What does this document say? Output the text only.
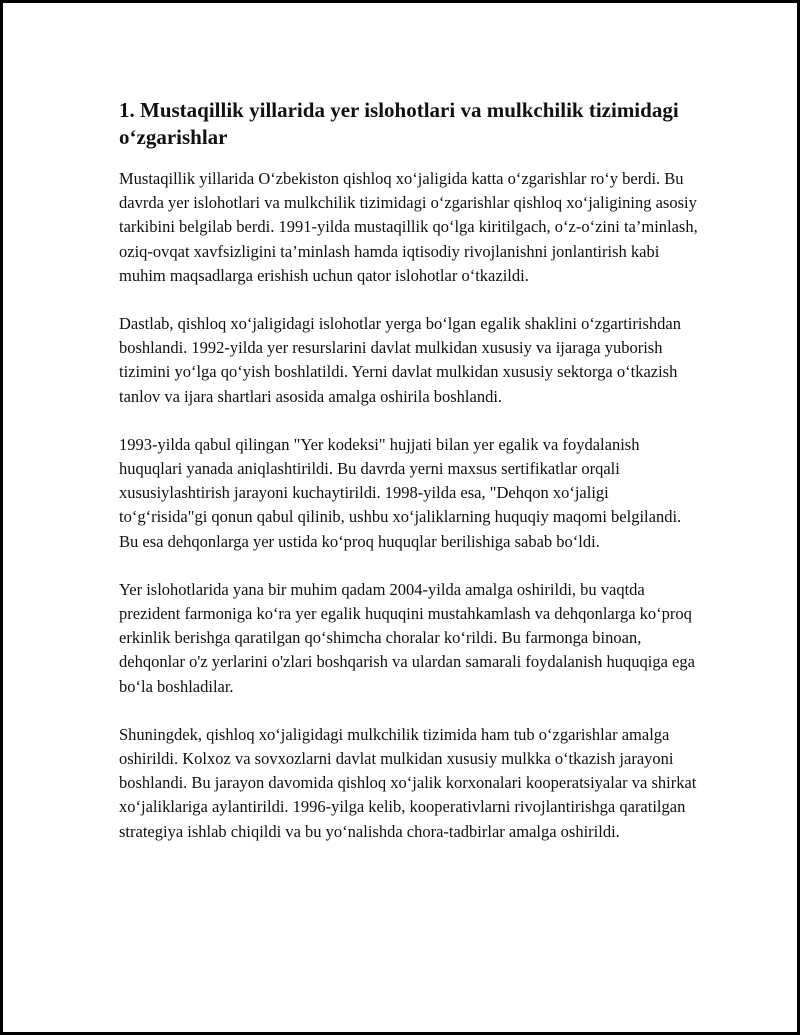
1. Mustaqillik yillarida yer islohotlari va mulkchilik tizimidagi o‘zgarishlar

Mustaqillik yillarida O‘zbekiston qishloq xo‘jaligida katta o‘zgarishlar ro‘y berdi. Bu davrda yer islohotlari va mulkchilik tizimidagi o‘zgarishlar qishloq xo‘jaligining asosiy tarkibini belgilab berdi. 1991-yilda mustaqillik qo‘lga kiritilgach, o‘z-o‘zini ta’minlash, oziq-ovqat xavfsizligini ta’minlash hamda iqtisodiy rivojlanishni jonlantirish kabi muhim maqsadlarga erishish uchun qator islohotlar o‘tkazildi.

Dastlab, qishloq xo‘jaligidagi islohotlar yerga bo‘lgan egalik shaklini o‘zgartirishdan boshlandi. 1992-yilda yer resurslarini davlat mulkidan xususiy va ijaraga yuborish tizimini yo‘lga qo‘yish boshlatildi. Yerni davlat mulkidan xususiy sektorga o‘tkazish tanlov va ijara shartlari asosida amalga oshirila boshlandi.

1993-yilda qabul qilingan "Yer kodeksi" hujjati bilan yer egalik va foydalanish huquqlari yanada aniqlashtirildi. Bu davrda yerni maxsus sertifikatlar orqali xususiylashtirish jarayoni kuchaytirildi. 1998-yilda esa, "Dehqon xo‘jaligi to‘g‘risida"gi qonun qabul qilinib, ushbu xo‘jaliklarning huquqiy maqomi belgilandi. Bu esa dehqonlarga yer ustida ko‘proq huquqlar berilishiga sabab bo‘ldi.

Yer islohotlarida yana bir muhim qadam 2004-yilda amalga oshirildi, bu vaqtda prezident farmoniga ko‘ra yer egalik huquqini mustahkamlash va dehqonlarga ko‘proq erkinlik berishga qaratilgan qo‘shimcha choralar ko‘rildi. Bu farmonga binoan, dehqonlar o'z yerlarini o'zlari boshqarish va ulardan samarali foydalanish huquqiga ega bo‘la boshladilar.

Shuningdek, qishloq xo‘jaligidagi mulkchilik tizimida ham tub o‘zgarishlar amalga oshirildi. Kolxoz va sovxozlarni davlat mulkidan xususiy mulkka o‘tkazish jarayoni boshlandi. Bu jarayon davomida qishloq xo‘jalik korxonalari kooperatsiyalar va shirkat xo‘jaliklariga aylantirildi. 1996-yilga kelib, kooperativlarni rivojlantirishga qaratilgan strategiya ishlab chiqildi va bu yo‘nalishda chora-tadbirlar amalga oshirildi.
